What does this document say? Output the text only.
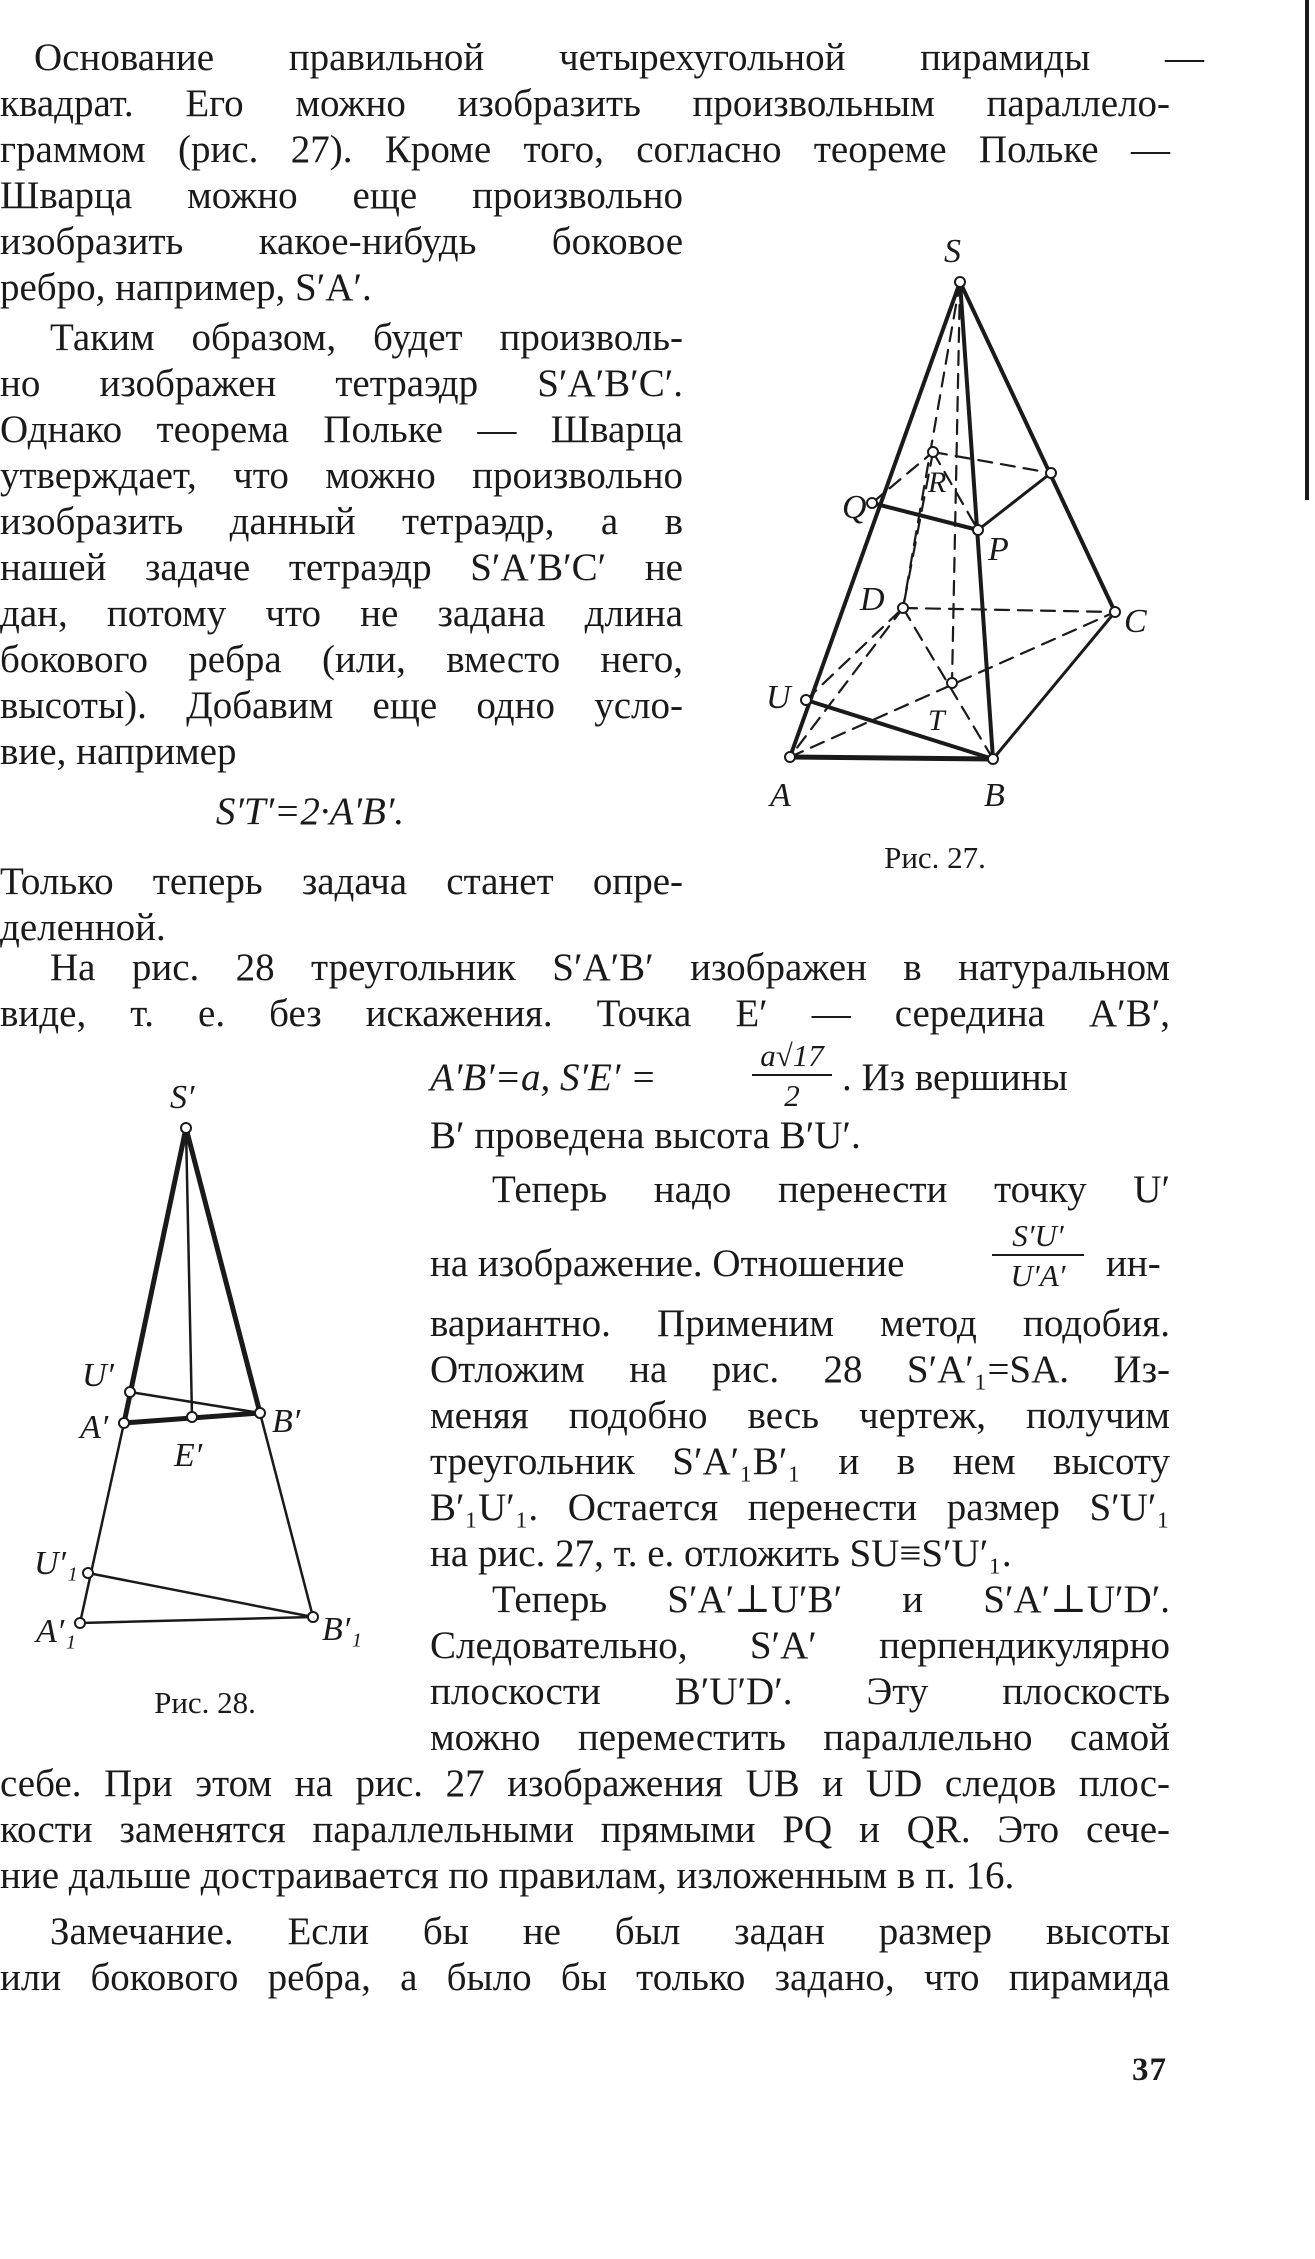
Основание правильной четырехугольной пирамиды —
квадрат. Его можно изобразить произвольным параллело-
граммом (рис. 27). Кроме того, согласно теореме Польке —
Шварца можно еще произвольно
изобразить какое-нибудь боковое
ребро, например, S′A′.
Таким образом, будет произволь-
но изображен тетраэдр S′A′B′C′.
Однако теорема Польке — Шварца
утверждает, что можно произвольно
изобразить данный тетраэдр, а в
нашей задаче тетраэдр S′A′B′C′ не
дан, потому что не задана длина
бокового ребра (или, вместо него,
высоты). Добавим еще одно усло-
вие, например
S′T′=2·A′B′.
Только теперь задача станет опре-
деленной.
S
Q
R
P
D
C
U
T
A	B
Рис. 27.
На рис. 28 треугольник S′A′B′ изображен в натуральном
виде, т. е. без искажения. Точка E′ — середина A′B′,
A′B′=a, S′E′ =	$\frac{a√17}{2}$ . Из вершины
B′ проведена высота B′U′.
Теперь надо перенести точку U′
на изображение. Отношение	$\frac{S'U'}{U'A'} ин-$
вариантно. Применим метод подобия.
Отложим на рис. 28 S′A′₁=SA. Из-
меняя подобно весь чертеж, получим
треугольник S′A′₁B′₁ и в нем высоту
B′₁U′₁. Остается перенести размер S′U′₁
на рис. 27, т. е. отложить SU≡S′U′₁.
Теперь S′A′⊥U′B′ и S′A′⊥U′D′.
Следовательно, S′A′ перпендикулярно
плоскости B′U′D′. Эту плоскость
можно переместить параллельно самой
S′
U′
A′
E′
B′
U′₁
A′₁	B′₁
Рис. 28.
себе. При этом на рис. 27 изображения UB и UD следов плос-
кости заменятся параллельными прямыми PQ и QR. Это сече-
ние дальше достраивается по правилам, изложенным в п. 16.
Замечание. Если бы не был задан размер высоты
или бокового ребра, а было бы только задано, что пирамида
37
